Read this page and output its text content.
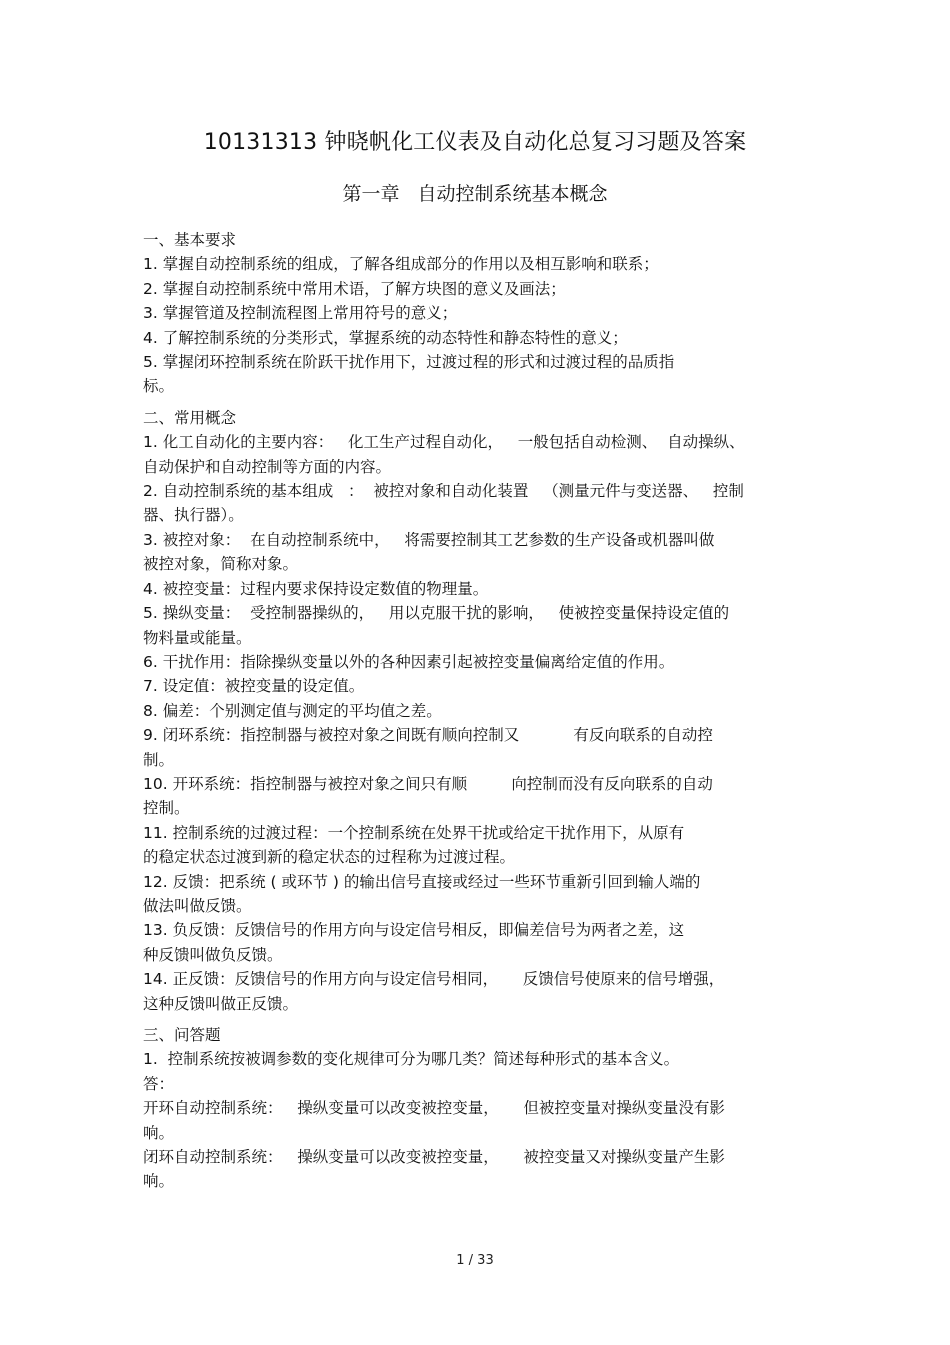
10131313 钟晓帆化工仪表及自动化总复习习题及答案
第一章   自动控制系统基本概念
一、基本要求
1. 掌握自动控制系统的组成，了解各组成部分的作用以及相互影响和联系；
2. 掌握自动控制系统中常用术语，了解方块图的意义及画法；
3. 掌握管道及控制流程图上常用符号的意义；
4. 了解控制系统的分类形式，掌握系统的动态特性和静态特性的意义；
5. 掌握闭环控制系统在阶跃干扰作用下，过渡过程的形式和过渡过程的品质指
标。
二、常用概念
1. 化工自动化的主要内容：   化工生产过程自动化，   一般包括自动检测、  自动操纵、
自动保护和自动控制等方面的内容。
2. 自动控制系统的基本组成   ：  被控对象和自动化装置   （测量元件与变送器、   控制
器、执行器）。
3. 被控对象：  在自动控制系统中，   将需要控制其工艺参数的生产设备或机器叫做
被控对象，简称对象。
4. 被控变量：过程内要求保持设定数值的物理量。
5. 操纵变量：  受控制器操纵的，   用以克服干扰的影响，   使被控变量保持设定值的
物料量或能量。
6. 干扰作用：指除操纵变量以外的各种因素引起被控变量偏离给定值的作用。
7. 设定值：被控变量的设定值。
8. 偏差：个别测定值与测定的平均值之差。
9. 闭环系统：指控制器与被控对象之间既有顺向控制又           有反向联系的自动控
制。
10. 开环系统：指控制器与被控对象之间只有顺         向控制而没有反向联系的自动
控制。
11. 控制系统的过渡过程：一个控制系统在处界干扰或给定干扰作用下，从原有
的稳定状态过渡到新的稳定状态的过程称为过渡过程。
12. 反馈：把系统 ( 或环节 ) 的输出信号直接或经过一些环节重新引回到输人端的
做法叫做反馈。
13. 负反馈：反馈信号的作用方向与设定信号相反，即偏差信号为两者之差，这
种反馈叫做负反馈。
14. 正反馈：反馈信号的作用方向与设定信号相同，     反馈信号使原来的信号增强，
这种反馈叫做正反馈。
三、问答题
1.  控制系统按被调参数的变化规律可分为哪几类？简述每种形式的基本含义。
答：
开环自动控制系统：   操纵变量可以改变被控变量，     但被控变量对操纵变量没有影
响。
闭环自动控制系统：   操纵变量可以改变被控变量，     被控变量又对操纵变量产生影
响。
1 / 33
